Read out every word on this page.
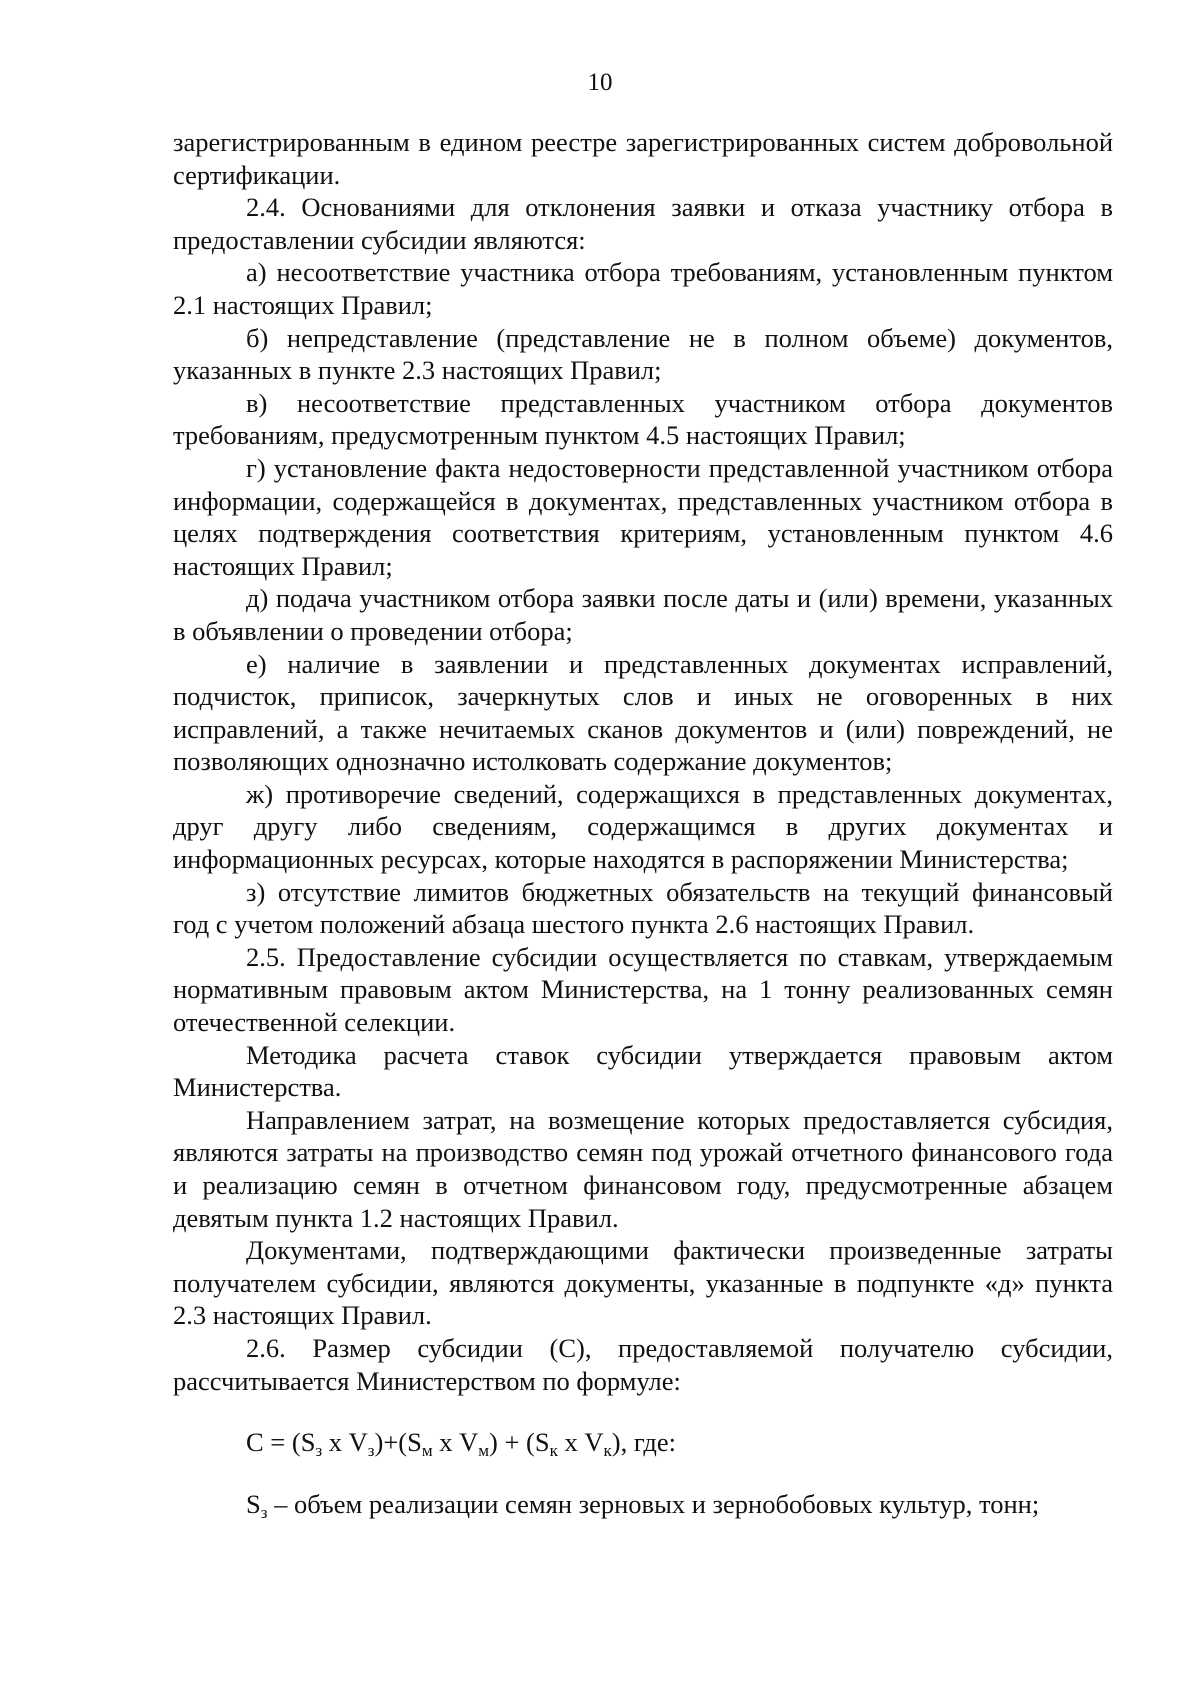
10

зарегистрированным в едином реестре зарегистрированных систем добровольной сертификации.

2.4. Основаниями для отклонения заявки и отказа участнику отбора в предоставлении субсидии являются:

а) несоответствие участника отбора требованиям, установленным пунктом 2.1 настоящих Правил;

б) непредставление (представление не в полном объеме) документов, указанных в пункте 2.3 настоящих Правил;

в) несоответствие представленных участником отбора документов требованиям, предусмотренным пунктом 4.5 настоящих Правил;

г) установление факта недостоверности представленной участником отбора информации, содержащейся в документах, представленных участником отбора в целях подтверждения соответствия критериям, установленным пунктом 4.6 настоящих Правил;

д) подача участником отбора заявки после даты и (или) времени, указанных в объявлении о проведении отбора;

е) наличие в заявлении и представленных документах исправлений, подчисток, приписок, зачеркнутых слов и иных не оговоренных в них исправлений, а также нечитаемых сканов документов и (или) повреждений, не позволяющих однозначно истолковать содержание документов;

ж) противоречие сведений, содержащихся в представленных документах, друг другу либо сведениям, содержащимся в других документах и информационных ресурсах, которые находятся в распоряжении Министерства;

з) отсутствие лимитов бюджетных обязательств на текущий финансовый год с учетом положений абзаца шестого пункта 2.6 настоящих Правил.

2.5. Предоставление субсидии осуществляется по ставкам, утверждаемым нормативным правовым актом Министерства, на 1 тонну реализованных семян отечественной селекции.

Методика расчета ставок субсидии утверждается правовым актом Министерства.

Направлением затрат, на возмещение которых предоставляется субсидия, являются затраты на производство семян под урожай отчетного финансового года и реализацию семян в отчетном финансовом году, предусмотренные абзацем девятым пункта 1.2 настоящих Правил.

Документами, подтверждающими фактически произведенные затраты получателем субсидии, являются документы, указанные в подпункте «д» пункта 2.3 настоящих Правил.

2.6. Размер субсидии (С), предоставляемой получателю субсидии, рассчитывается Министерством по формуле:

$С = (S_з$ х $V_з)+(S_м$ х $V_м) + (S_к$ х $V_к$), где:

$S_з$ – объем реализации семян зерновых и зернобобовых культур, тонн;
